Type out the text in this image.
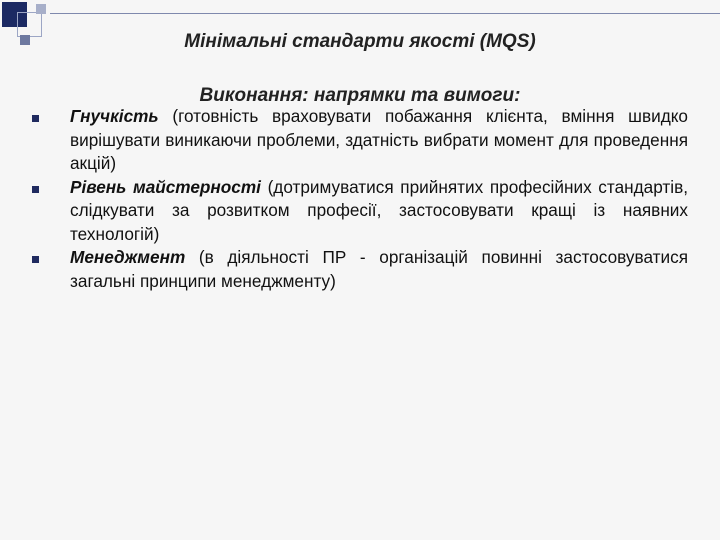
Мінімальні стандарти якості (MQS)
Виконання: напрямки та вимоги:
Гнучкість (готовність враховувати побажання клієнта, вміння швидко вирішувати виникаючи проблеми, здатність вибрати момент для проведення акцій)
Рівень майстерності (дотримуватися прийнятих професійних стандартів, слідкувати за розвитком професії, застосовувати кращі із наявних технологій)
Менеджмент (в діяльності ПР - організацій повинні застосовуватися загальні принципи менеджменту)
